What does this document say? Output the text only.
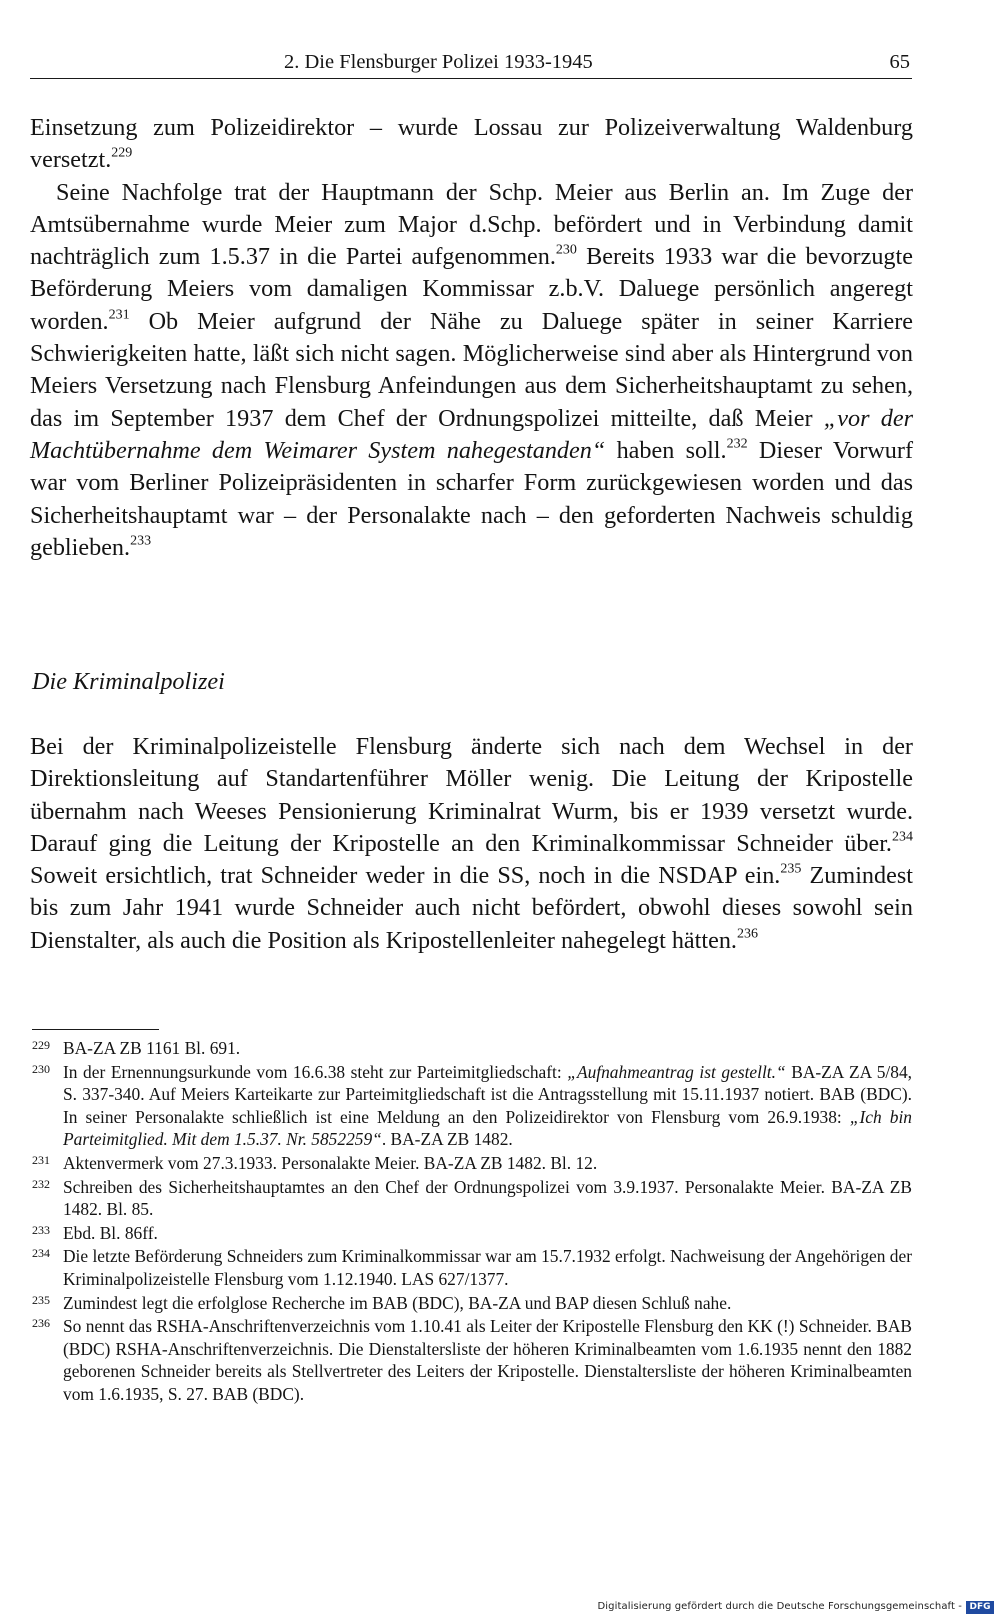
2. Die Flensburger Polizei 1933-1945	65

Einsetzung zum Polizeidirektor – wurde Lossau zur Polizeiverwaltung Waldenburg versetzt.$^{229}$

Seine Nachfolge trat der Hauptmann der Schp. Meier aus Berlin an. Im Zuge der Amtsübernahme wurde Meier zum Major d.Schp. befördert und in Verbindung damit nachträglich zum 1.5.37 in die Partei aufgenommen.$^{230}$ Bereits 1933 war die bevorzugte Beförderung Meiers vom damaligen Kommissar z.b.V. Daluege persönlich angeregt worden.$^{231}$ Ob Meier aufgrund der Nähe zu Daluege später in seiner Karriere Schwierigkeiten hatte, läßt sich nicht sagen. Möglicherweise sind aber als Hintergrund von Meiers Versetzung nach Flensburg Anfeindungen aus dem Sicherheitshauptamt zu sehen, das im September 1937 dem Chef der Ordnungspolizei mitteilte, daß Meier „vor der Machtübernahme dem Weimarer System nahegestanden“ haben soll.$^{232}$ Dieser Vorwurf war vom Berliner Polizeipräsidenten in scharfer Form zurückgewiesen worden und das Sicherheitshauptamt war – der Personalakte nach – den geforderten Nachweis schuldig geblieben.$^{233}$

Die Kriminalpolizei

Bei der Kriminalpolizeistelle Flensburg änderte sich nach dem Wechsel in der Direktionsleitung auf Standartenführer Möller wenig. Die Leitung der Kripostelle übernahm nach Weeses Pensionierung Kriminalrat Wurm, bis er 1939 versetzt wurde. Darauf ging die Leitung der Kripostelle an den Kriminalkommissar Schneider über.$^{234}$ Soweit ersichtlich, trat Schneider weder in die SS, noch in die NSDAP ein.$^{235}$ Zumindest bis zum Jahr 1941 wurde Schneider auch nicht befördert, obwohl dieses sowohl sein Dienstalter, als auch die Position als Kripostellenleiter nahegelegt hätten.$^{236}$

229 BA-ZA ZB 1161 Bl. 691.

230 In der Ernennungsurkunde vom 16.6.38 steht zur Parteimitgliedschaft: „Aufnahmeantrag ist gestellt.“ BA-ZA ZA 5/84, S. 337-340. Auf Meiers Karteikarte zur Parteimitgliedschaft ist die Antragsstellung mit 15.11.1937 notiert. BAB (BDC). In seiner Personalakte schließlich ist eine Meldung an den Polizeidirektor von Flensburg vom 26.9.1938: „Ich bin Parteimitglied. Mit dem 1.5.37. Nr. 5852259“. BA-ZA ZB 1482.

231 Aktenvermerk vom 27.3.1933. Personalakte Meier. BA-ZA ZB 1482. Bl. 12.

232 Schreiben des Sicherheitshauptamtes an den Chef der Ordnungspolizei vom 3.9.1937. Personalakte Meier. BA-ZA ZB 1482. Bl. 85.

233 Ebd. Bl. 86ff.

234 Die letzte Beförderung Schneiders zum Kriminalkommissar war am 15.7.1932 erfolgt. Nachweisung der Angehörigen der Kriminalpolizeistelle Flensburg vom 1.12.1940. LAS 627/1377.

235 Zumindest legt die erfolglose Recherche im BAB (BDC), BA-ZA und BAP diesen Schluß nahe.

236 So nennt das RSHA-Anschriftenverzeichnis vom 1.10.41 als Leiter der Kripostelle Flensburg den KK (!) Schneider. BAB (BDC) RSHA-Anschriftenverzeichnis. Die Dienstaltersliste der höheren Kriminalbeamten vom 1.6.1935 nennt den 1882 geborenen Schneider bereits als Stellvertreter des Leiters der Kripostelle. Dienstaltersliste der höheren Kriminalbeamten vom 1.6.1935, S. 27. BAB (BDC).

Digitalisierung gefördert durch die Deutsche Forschungsgemeinschaft - DFG
